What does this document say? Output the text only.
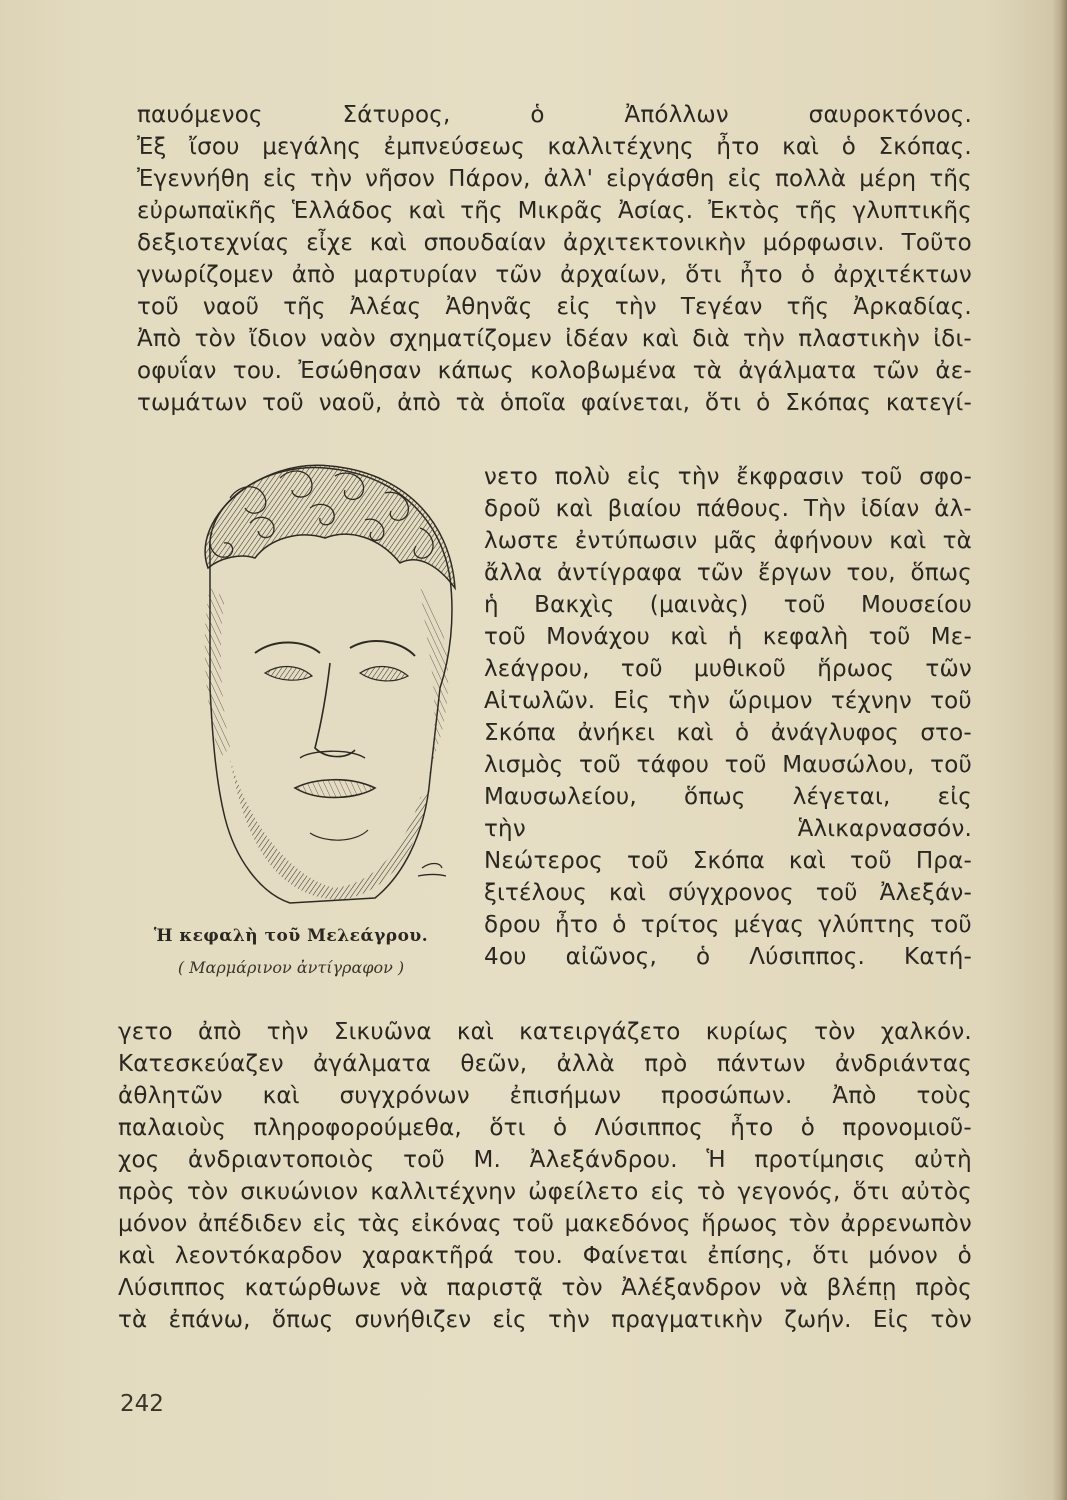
παυόμενος	Σάτυρος,	ὁ	Ἀπόλλων	σαυροκτόνος.
Ἐξ ἴσου μεγάλης ἐμπνεύσεως καλλιτέχνης ἦτο καὶ ὁ Σκόπας.
Ἐγεννήθη εἰς τὴν νῆσον Πάρον, ἀλλ' εἰργάσθη εἰς πολλὰ μέρη τῆς
εὐρωπαϊκῆς Ἑλλάδος καὶ τῆς Μικρᾶς Ἀσίας. Ἐκτὸς τῆς γλυπτικῆς
δεξιοτεχνίας εἶχε καὶ σπουδαίαν ἀρχιτεκτονικὴν μόρφωσιν. Τοῦτο
γνωρίζομεν ἀπὸ μαρτυρίαν τῶν ἀρχαίων, ὅτι ἦτο ὁ ἀρχιτέκτων
τοῦ ναοῦ τῆς Ἀλέας Ἀθηνᾶς εἰς τὴν Τεγέαν τῆς Ἀρκαδίας.
Ἀπὸ τὸν ἴδιον ναὸν σχηματίζομεν ἰδέαν καὶ διὰ τὴν πλαστικὴν ἰδι-
οφυΐαν του. Ἐσώθησαν κάπως κολοβωμένα τὰ ἀγάλματα τῶν ἀε-
τωμάτων τοῦ ναοῦ, ἀπὸ τὰ ὁποῖα φαίνεται, ὅτι ὁ Σκόπας κατεγί-
νετο πολὺ εἰς τὴν ἔκφρασιν τοῦ σφο-
δροῦ καὶ βιαίου πάθους. Τὴν ἰδίαν ἀλ-
λωστε ἐντύπωσιν μᾶς ἀφήνουν καὶ τὰ
ἄλλα ἀντίγραφα τῶν ἔργων του, ὅπως
ἡ Βακχὶς (μαινὰς) τοῦ Μουσείου
τοῦ Μονάχου καὶ ἡ κεφαλὴ τοῦ Με-
λεάγρου, τοῦ μυθικοῦ ἥρωος τῶν
Αἰτωλῶν. Εἰς τὴν ὥριμον τέχνην τοῦ
Σκόπα ἀνήκει καὶ ὁ ἀνάγλυφος στο-
λισμὸς τοῦ τάφου τοῦ Μαυσώλου, τοῦ
Μαυσωλείου, ὅπως λέγεται, εἰς
τὴν	Ἁλικαρνασσόν.
Νεώτερος τοῦ Σκόπα καὶ τοῦ Πρα-
ξιτέλους καὶ σύγχρονος τοῦ Ἀλεξάν-
δρου ἦτο ὁ τρίτος μέγας γλύπτης τοῦ
4ου αἰῶνος, ὁ Λύσιππος. Κατή-
Ἡ κεφαλὴ τοῦ Μελεάγρου.
( Μαρμάρινον ἀντίγραφον )
γετο ἀπὸ τὴν Σικυῶνα καὶ κατειργάζετο κυρίως τὸν χαλκόν.
Κατεσκεύαζεν ἀγάλματα θεῶν, ἀλλὰ πρὸ πάντων ἀνδριάντας
ἀθλητῶν καὶ συγχρόνων ἐπισήμων προσώπων. Ἀπὸ τοὺς
παλαιοὺς πληροφορούμεθα, ὅτι ὁ Λύσιππος ἦτο ὁ προνομιοῦ-
χος ἀνδριαντοποιὸς τοῦ Μ. Ἀλεξάνδρου. Ἡ προτίμησις αὐτὴ
πρὸς τὸν σικυώνιον καλλιτέχνην ὠφείλετο εἰς τὸ γεγονός, ὅτι αὐτὸς
μόνον ἀπέδιδεν εἰς τὰς εἰκόνας τοῦ μακεδόνος ἥρωος τὸν ἀρρενωπὸν
καὶ λεοντόκαρδον χαρακτῆρά του. Φαίνεται ἐπίσης, ὅτι μόνον ὁ
Λύσιππος κατώρθωνε νὰ παριστᾷ τὸν Ἀλέξανδρον νὰ βλέπῃ πρὸς
τὰ ἐπάνω, ὅπως συνήθιζεν εἰς τὴν πραγματικὴν ζωήν. Εἰς τὸν
242
